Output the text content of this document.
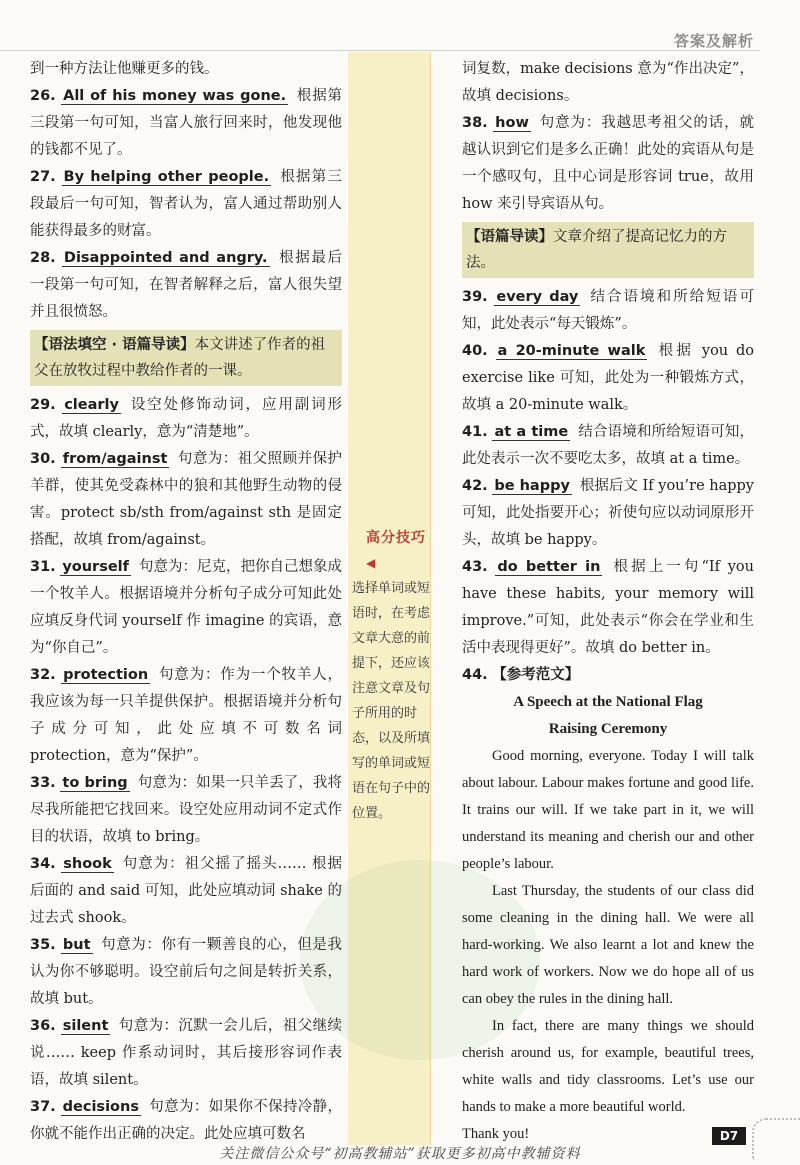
答案及解析

到一种方法让他赚更多的钱。

26. All of his money was gone. 根据第三段第一句可知，当富人旅行回来时，他发现他的钱都不见了。

27. By helping other people. 根据第三段最后一句可知，智者认为，富人通过帮助别人能获得最多的财富。

28. Disappointed and angry. 根据最后一段第一句可知，在智者解释之后，富人很失望并且很愤怒。

【语法填空 · 语篇导读】本文讲述了作者的祖父在放牧过程中教给作者的一课。

29. clearly 设空处修饰动词，应用副词形式，故填 clearly，意为“清楚地”。

30. from/against 句意为：祖父照顾并保护羊群，使其免受森林中的狼和其他野生动物的侵害。protect sb/sth from/against sth 是固定搭配，故填 from/against。

31. yourself 句意为：尼克，把你自己想象成一个牧羊人。根据语境并分析句子成分可知此处应填反身代词 yourself 作 imagine 的宾语，意为“你自己”。

32. protection 句意为：作为一个牧羊人，我应该为每一只羊提供保护。根据语境并分析句子成分可知，此处应填不可数名词 protection，意为“保护”。

33. to bring 句意为：如果一只羊丢了，我将尽我所能把它找回来。设空处应用动词不定式作目的状语，故填 to bring。

34. shook 句意为：祖父摇了摇头…… 根据后面的 and said 可知，此处应填动词 shake 的过去式 shook。

35. but 句意为：你有一颗善良的心，但是我认为你不够聪明。设空前后句之间是转折关系，故填 but。

36. silent 句意为：沉默一会儿后，祖父继续说…… keep 作系动词时，其后接形容词作表语，故填 silent。

37. decisions 句意为：如果你不保持冷静，你就不能作出正确的决定。此处应填可数名

词复数，make decisions 意为“作出决定”，故填 decisions。

38. how 句意为：我越思考祖父的话，就越认识到它们是多么正确！此处的宾语从句是一个感叹句，且中心词是形容词 true，故用 how 来引导宾语从句。

【语篇导读】文章介绍了提高记忆力的方法。

39. every day 结合语境和所给短语可知，此处表示“每天锻炼”。

40. a 20-minute walk 根据 you do exercise like 可知，此处为一种锻炼方式，故填 a 20-minute walk。

41. at a time 结合语境和所给短语可知，此处表示一次不要吃太多，故填 at a time。

42. be happy 根据后文 If you’re happy 可知，此处指要开心；祈使句应以动词原形开头，故填 be happy。

43. do better in 根据上一句“If you have these habits, your memory will improve.”可知，此处表示“你会在学业和生活中表现得更好”。故填 do better in。

44. 【参考范文】

A Speech at the National Flag

Raising Ceremony

Good morning, everyone. Today I will talk about labour. Labour makes fortune and good life. It trains our will. If we take part in it, we will understand its meaning and cherish our and other people’s labour.

Last Thursday, the students of our class did some cleaning in the dining hall. We were all hard-working. We also learnt a lot and knew the hard work of workers. Now we do hope all of us can obey the rules in the dining hall.

In fact, there are many things we should cherish around us, for example, beautiful trees, white walls and tidy classrooms. Let’s use our hands to make a more beautiful world.

Thank you!

高分技巧◀
选择单词或短语时，在考虑文章大意的前提下，还应该注意文章及句子所用的时态，以及所填写的单词或短语在句子中的位置。
D7
关注微信公众号“初高教辅站”获取更多初高中教辅资料
